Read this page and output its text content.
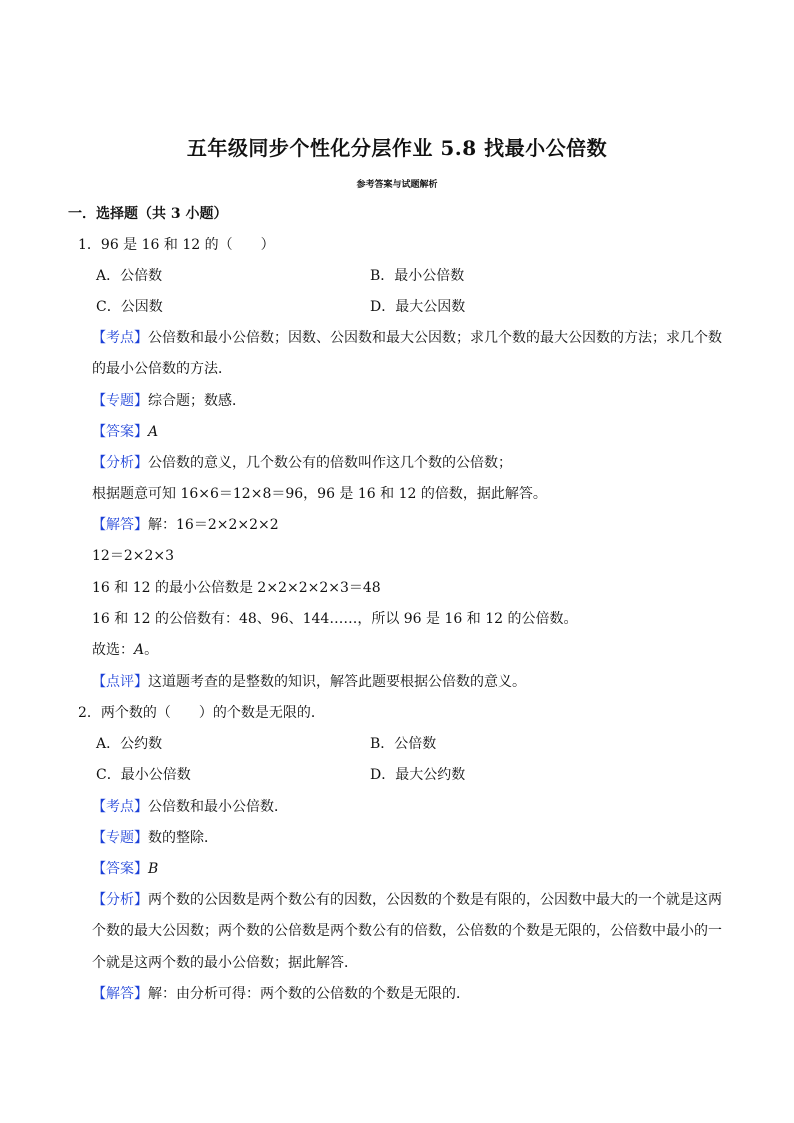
五年级同步个性化分层作业 5.8 找最小公倍数
参考答案与试题解析
一．选择题（共 3 小题）
1．96 是 16 和 12 的（　　）
A．公倍数	B．最小公倍数
C．公因数	D．最大公因数
【考点】公倍数和最小公倍数；因数、公因数和最大公因数；求几个数的最大公因数的方法；求几个数
的最小公倍数的方法．
【专题】综合题；数感．
【答案】A
【分析】公倍数的意义，几个数公有的倍数叫作这几个数的公倍数；
根据题意可知 16×6＝12×8＝96，96 是 16 和 12 的倍数，据此解答。
【解答】解：16＝2×2×2×2
12＝2×2×3
16 和 12 的最小公倍数是 2×2×2×2×3＝48
16 和 12 的公倍数有：48、96、144……，所以 96 是 16 和 12 的公倍数。
故选：A。
【点评】这道题考查的是整数的知识，解答此题要根据公倍数的意义。
2．两个数的（　　）的个数是无限的．
A．公约数	B．公倍数
C．最小公倍数	D．最大公约数
【考点】公倍数和最小公倍数．
【专题】数的整除．
【答案】B
【分析】两个数的公因数是两个数公有的因数，公因数的个数是有限的，公因数中最大的一个就是这两
个数的最大公因数；两个数的公倍数是两个数公有的倍数，公倍数的个数是无限的，公倍数中最小的一
个就是这两个数的最小公倍数；据此解答．
【解答】解：由分析可得：两个数的公倍数的个数是无限的．
